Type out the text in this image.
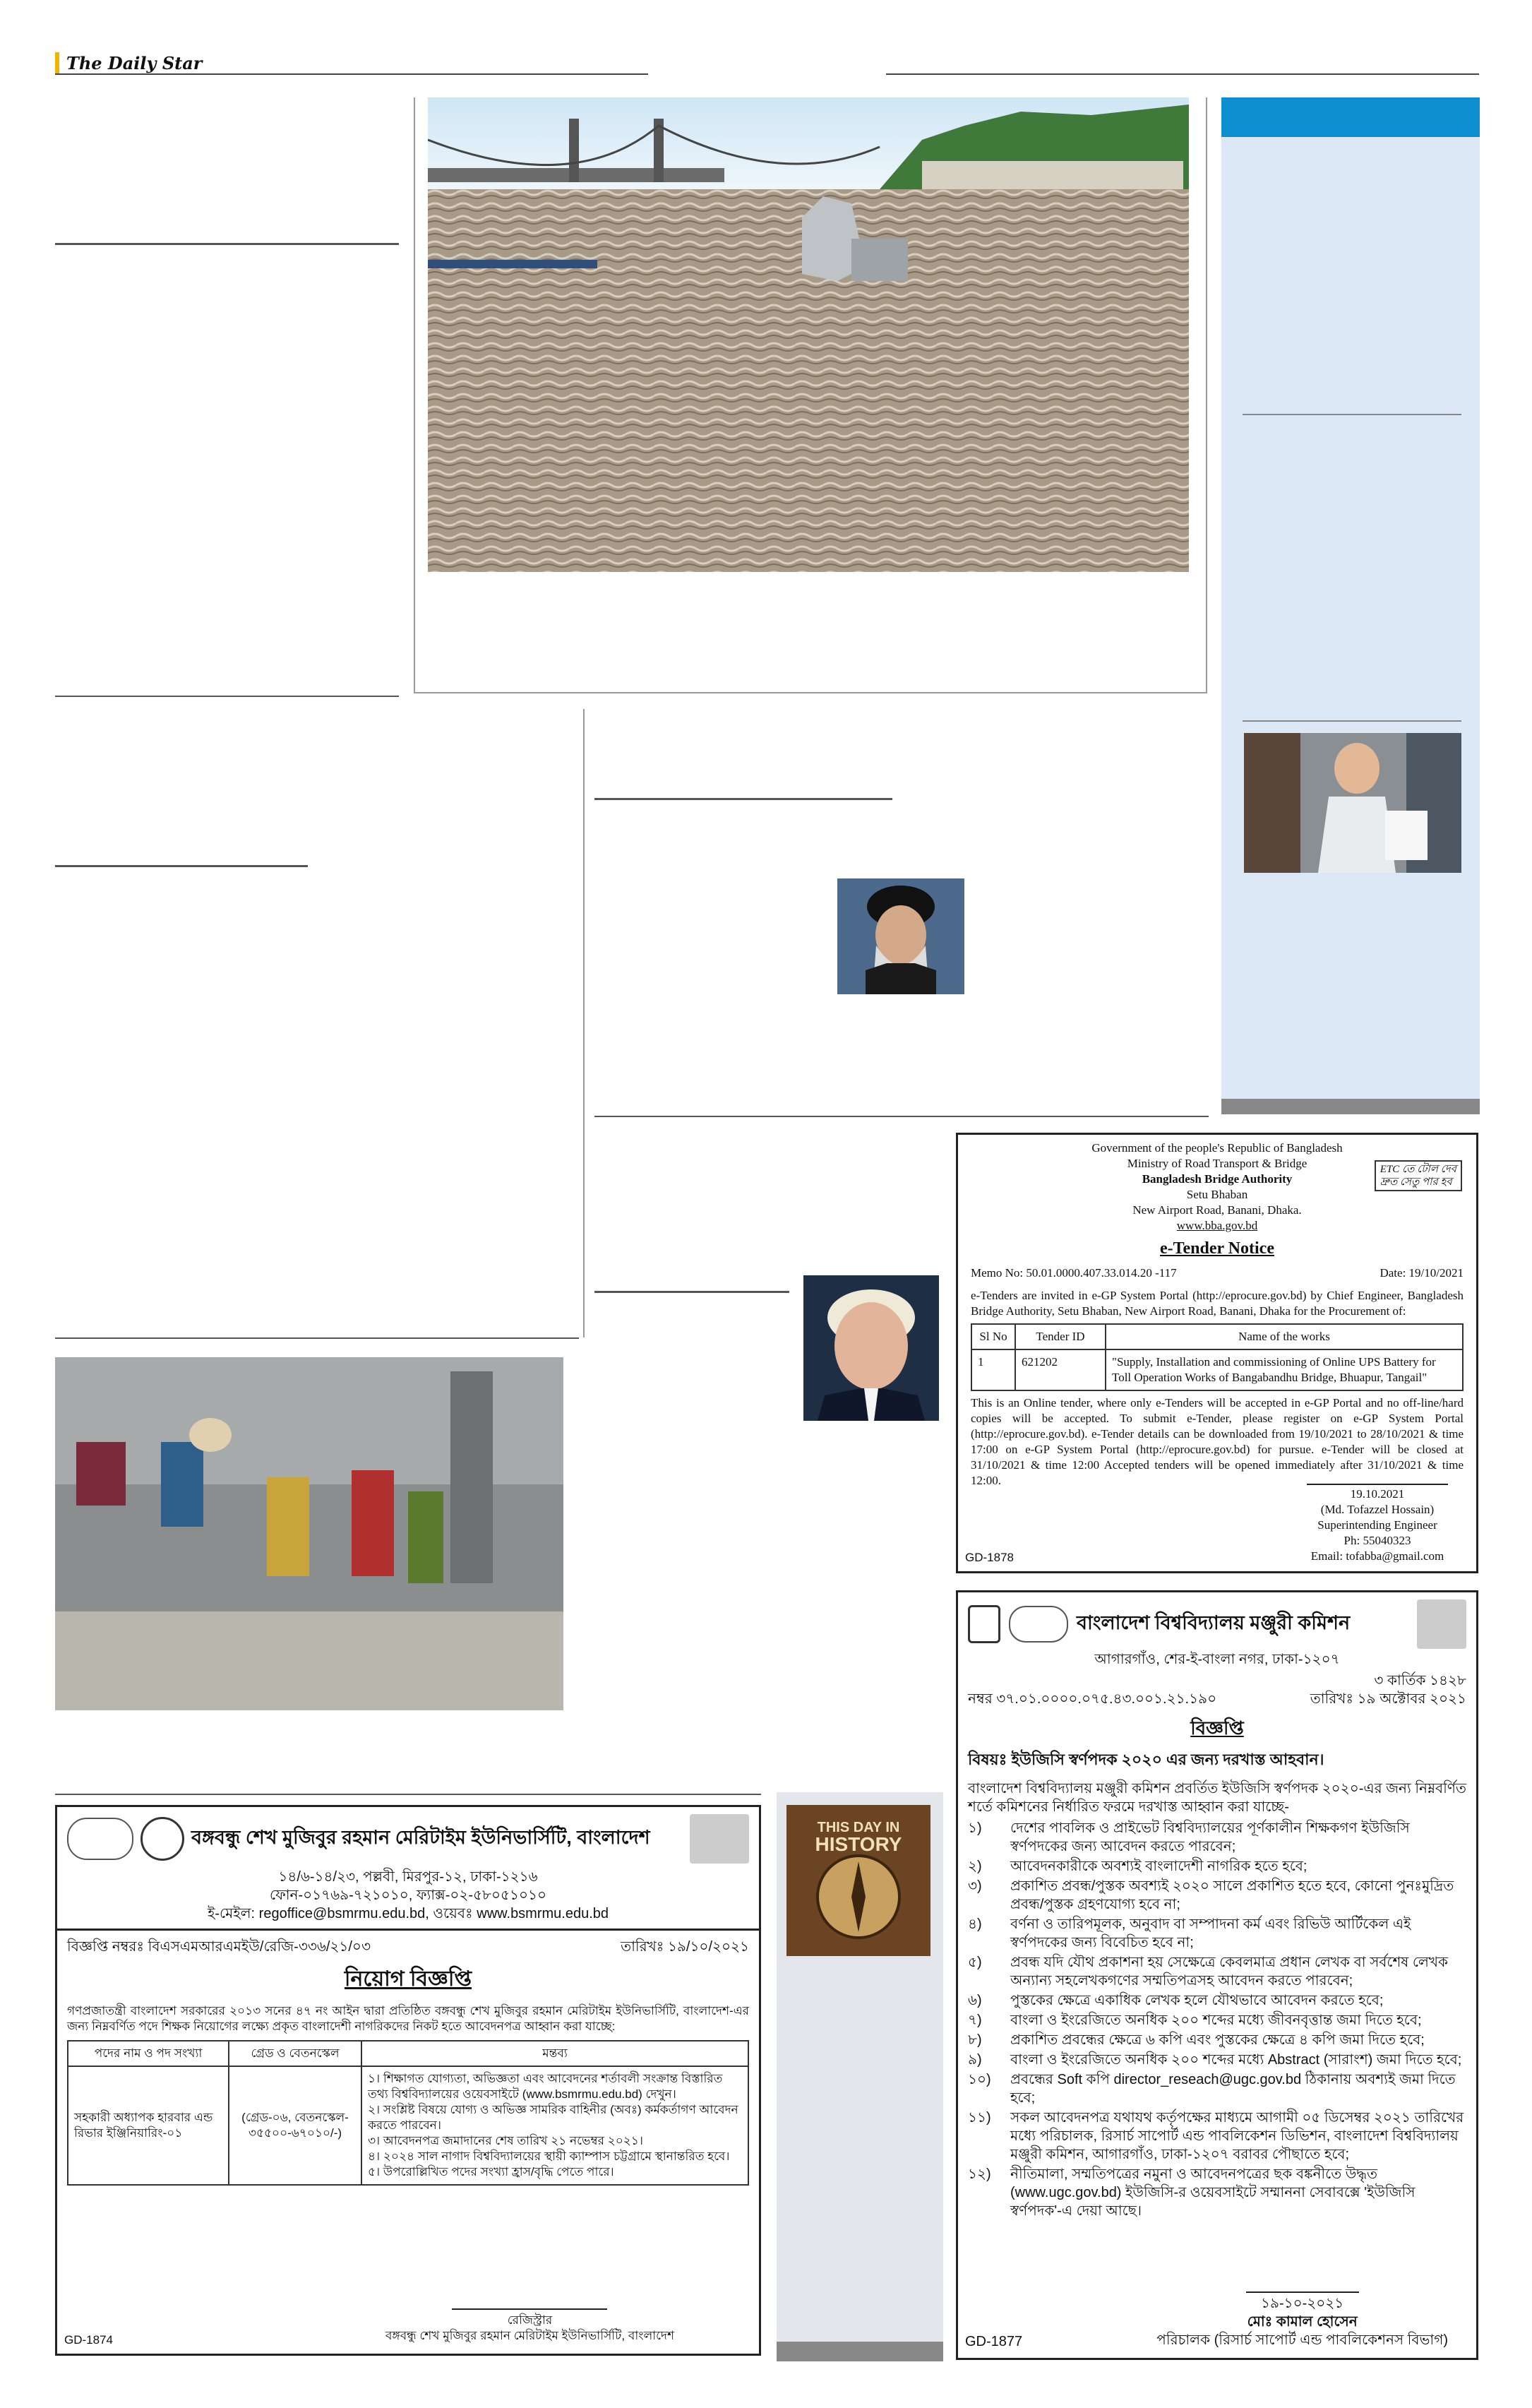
The Daily Star
Government of the people's Republic of Bangladesh
Ministry of Road Transport & Bridge
Bangladesh Bridge Authority
Setu Bhaban
New Airport Road, Banani, Dhaka.
www.bba.gov.bd
ETC তে টোল দেব
দ্রুত সেতু পার হব
e-Tender Notice
Memo No: 50.01.0000.407.33.014.20 -117	Date: 19/10/2021
e-Tenders are invited in e-GP System Portal (http://eprocure.gov.bd) by Chief Engineer, Bangladesh Bridge Authority, Setu Bhaban, New Airport Road, Banani, Dhaka for the Procurement of:
Sl No	Tender ID	Name of the works
1	621202	"Supply, Installation and commissioning of Online UPS Battery for Toll Operation Works of Bangabandhu Bridge, Bhuapur, Tangail"
This is an Online tender, where only e-Tenders will be accepted in e-GP Portal and no off-line/hard copies will be accepted. To submit e-Tender, please register on e-GP System Portal (http://eprocure.gov.bd). e-Tender details can be downloaded from 19/10/2021 to 28/10/2021 & time 17:00 on e-GP System Portal (http://eprocure.gov.bd) for pursue. e-Tender will be closed at 31/10/2021 & time 12:00 Accepted tenders will be opened immediately after 31/10/2021 & time 12:00.
19.10.2021
(Md. Tofazzel Hossain)
Superintending Engineer
Ph: 55040323
Email: tofabba@gmail.com
GD-1878
বাংলাদেশ বিশ্ববিদ্যালয় মঞ্জুরী কমিশন
আগারগাঁও, শের-ই-বাংলা নগর, ঢাকা-১২০৭
৩ কার্তিক ১৪২৮
নম্বর ৩৭.০১.০০০০.০৭৫.৪৩.০০১.২১.১৯০	তারিখঃ ১৯ অক্টোবর ২০২১
বিজ্ঞপ্তি
বিষয়ঃ ইউজিসি স্বর্ণপদক ২০২০ এর জন্য দরখাস্ত আহবান।
বাংলাদেশ বিশ্ববিদ্যালয় মঞ্জুরী কমিশন প্রবর্তিত ইউজিসি স্বর্ণপদক ২০২০-এর জন্য নিম্নবর্ণিত শর্তে কমিশনের নির্ধারিত ফরমে দরখাস্ত আহ্বান করা যাচ্ছে-
১)	দেশের পাবলিক ও প্রাইভেট বিশ্ববিদ্যালয়ের পূর্ণকালীন শিক্ষকগণ ইউজিসি স্বর্ণপদকের জন্য আবেদন করতে পারবেন;
২)	আবেদনকারীকে অবশ্যই বাংলাদেশী নাগরিক হতে হবে;
৩)	প্রকাশিত প্রবন্ধ/পুস্তক অবশ্যই ২০২০ সালে প্রকাশিত হতে হবে, কোনো পুনঃমুদ্রিত প্রবন্ধ/পুস্তক গ্রহণযোগ্য হবে না;
৪)	বর্ণনা ও তারিপমূলক, অনুবাদ বা সম্পাদনা কর্ম এবং রিভিউ আর্টিকেল এই স্বর্ণপদকের জন্য বিবেচিত হবে না;
৫)	প্রবন্ধ যদি যৌথ প্রকাশনা হয় সেক্ষেত্রে কেবলমাত্র প্রধান লেখক বা সর্বশেষ লেখক অন্যান্য সহলেখকগণের সম্মতিপত্রসহ আবেদন করতে পারবেন;
৬)	পুস্তকের ক্ষেত্রে একাধিক লেখক হলে যৌথভাবে আবেদন করতে হবে;
৭)	বাংলা ও ইংরেজিতে অনধিক ২০০ শব্দের মধ্যে জীবনবৃত্তান্ত জমা দিতে হবে;
৮)	প্রকাশিত প্রবন্ধের ক্ষেত্রে ৬ কপি এবং পুস্তকের ক্ষেত্রে ৪ কপি জমা দিতে হবে;
৯)	বাংলা ও ইংরেজিতে অনধিক ২০০ শব্দের মধ্যে Abstract (সারাংশ) জমা দিতে হবে;
১০)	প্রবন্ধের Soft কপি director_reseach@ugc.gov.bd ঠিকানায় অবশ্যই জমা দিতে হবে;
১১)	সকল আবেদনপত্র যথাযথ কর্তৃপক্ষের মাধ্যমে আগামী ০৫ ডিসেম্বর ২০২১ তারিখের মধ্যে পরিচালক, রিসার্চ সাপোর্ট এন্ড পাবলিকেশন ডিভিশন, বাংলাদেশ বিশ্ববিদ্যালয় মঞ্জুরী কমিশন, আগারগাঁও, ঢাকা-১২০৭ বরাবর পৌছাতে হবে;
১২)	নীতিমালা, সম্মতিপত্রের নমুনা ও আবেদনপত্রের ছক বঙ্কনীতে উদ্ধৃত (www.ugc.gov.bd) ইউজিসি-র ওয়েবসাইটে সম্মাননা সেবাবক্সে 'ইউজিসি স্বর্ণপদক'-এ দেয়া আছে।
১৯-১০-২০২১
মোঃ কামাল হোসেন
পরিচালক (রিসার্চ সাপোর্ট এন্ড পাবলিকেশনস বিভাগ)
GD-1877
THIS DAY IN
HISTORY
বঙ্গবন্ধু শেখ মুজিবুর রহমান মেরিটাইম ইউনিভার্সিটি, বাংলাদেশ
১৪/৬-১৪/২৩, পল্লবী, মিরপুর-১২, ঢাকা-১২১৬
ফোন-০১৭৬৯-৭২১০১০, ফ্যাক্স-০২-৫৮০৫১০১০
ই-মেইল: regoffice@bsmrmu.edu.bd, ওয়েবঃ www.bsmrmu.edu.bd
বিজ্ঞপ্তি নম্বরঃ বিএসএমআরএমইউ/রেজি-৩৩৬/২১/০৩	তারিখঃ ১৯/১০/২০২১
নিয়োগ বিজ্ঞপ্তি
গণপ্রজাতন্ত্রী বাংলাদেশ সরকারের ২০১৩ সনের ৪৭ নং আইন দ্বারা প্রতিষ্ঠিত বঙ্গবন্ধু শেখ মুজিবুর রহমান মেরিটাইম ইউনিভার্সিটি, বাংলাদেশ-এর জন্য নিম্নবর্ণিত পদে শিক্ষক নিয়োগের লক্ষ্যে প্রকৃত বাংলাদেশী নাগরিকদের নিকট হতে আবেদনপত্র আহ্বান করা যাচ্ছে:
পদের নাম ও পদ সংখ্যা	গ্রেড ও বেতনস্কেল	মন্তব্য
সহকারী অধ্যাপক হারবার এন্ড রিভার ইঞ্জিনিয়ারিং-০১	(গ্রেড-০৬, বেতনস্কেল- ৩৫৫০০-৬৭০১০/-)	১। শিক্ষাগত যোগ্যতা, অভিজ্ঞতা এবং আবেদনের শর্তাবলী সংক্রান্ত বিস্তারিত তথ্য বিশ্ববিদ্যালয়ের ওয়েবসাইটে (www.bsmrmu.edu.bd) দেখুন।
২। সংশ্লিষ্ট বিষয়ে যোগ্য ও অভিজ্ঞ সামরিক বাহিনীর (অবঃ) কর্মকর্তাগণ আবেদন করতে পারবেন।
৩। আবেদনপত্র জমাদানের শেষ তারিখ ২১ নভেম্বর ২০২১।
৪। ২০২৪ সাল নাগাদ বিশ্ববিদ্যালয়ের স্থায়ী ক্যাম্পাস চট্টগ্রামে স্থানান্তরিত হবে।
৫। উপরোল্লিখিত পদের সংখ্যা হ্রাস/বৃদ্ধি পেতে পারে।
রেজিস্ট্রার
বঙ্গবন্ধু শেখ মুজিবুর রহমান মেরিটাইম ইউনিভার্সিটি, বাংলাদেশ
GD-1874
